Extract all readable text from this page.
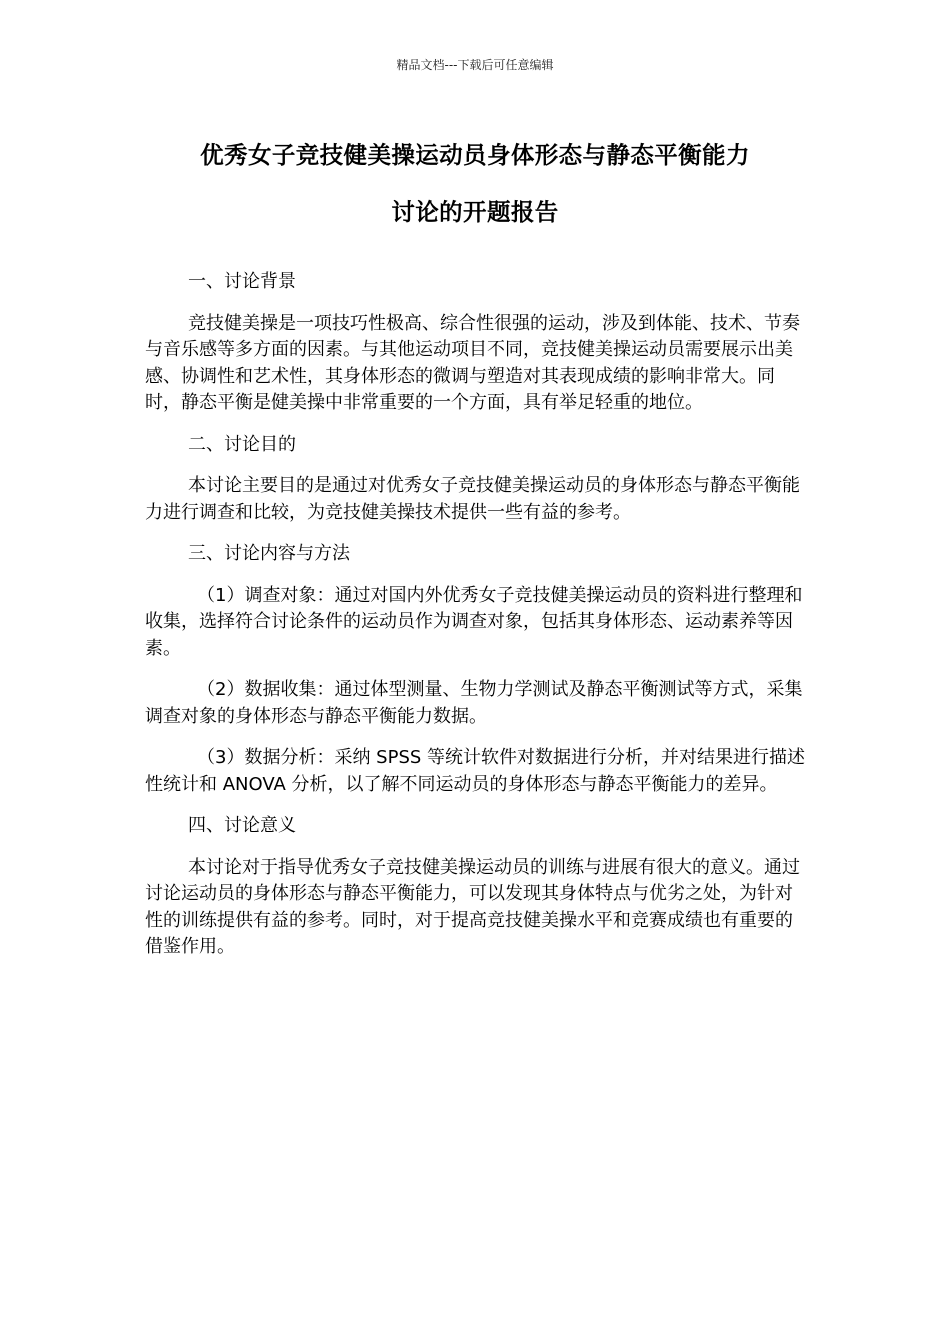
精品文档---下载后可任意编辑
优秀女子竞技健美操运动员身体形态与静态平衡能力
讨论的开题报告

一、讨论背景

竞技健美操是一项技巧性极高、综合性很强的运动，涉及到体能、技术、节奏与音乐感等多方面的因素。与其他运动项目不同，竞技健美操运动员需要展示出美感、协调性和艺术性，其身体形态的微调与塑造对其表现成绩的影响非常大。同时，静态平衡是健美操中非常重要的一个方面，具有举足轻重的地位。

二、讨论目的

本讨论主要目的是通过对优秀女子竞技健美操运动员的身体形态与静态平衡能力进行调查和比较，为竞技健美操技术提供一些有益的参考。

三、讨论内容与方法

（1）调查对象：通过对国内外优秀女子竞技健美操运动员的资料进行整理和收集，选择符合讨论条件的运动员作为调查对象，包括其身体形态、运动素养等因素。

（2）数据收集：通过体型测量、生物力学测试及静态平衡测试等方式，采集调查对象的身体形态与静态平衡能力数据。

（3）数据分析：采纳 SPSS 等统计软件对数据进行分析，并对结果进行描述性统计和 ANOVA 分析，以了解不同运动员的身体形态与静态平衡能力的差异。

四、讨论意义

本讨论对于指导优秀女子竞技健美操运动员的训练与进展有很大的意义。通过讨论运动员的身体形态与静态平衡能力，可以发现其身体特点与优劣之处，为针对性的训练提供有益的参考。同时，对于提高竞技健美操水平和竞赛成绩也有重要的借鉴作用。
